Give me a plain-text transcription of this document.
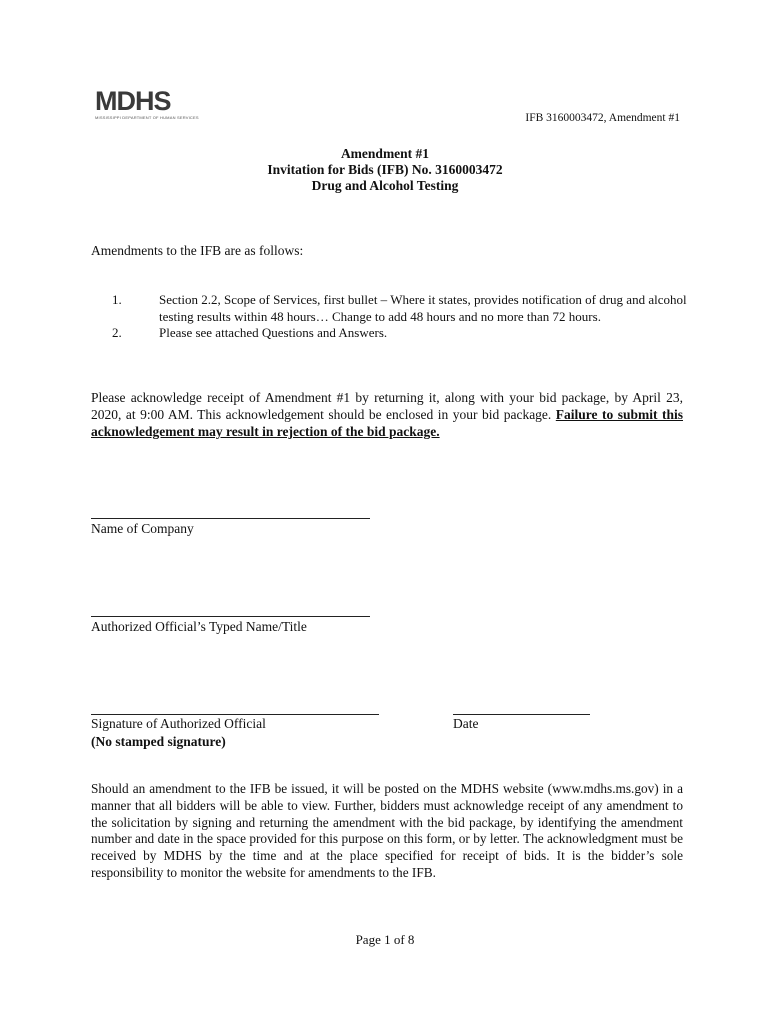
MDHS
MISSISSIPPI DEPARTMENT OF HUMAN SERVICES	IFB 3160003472, Amendment #1
Amendment #1
Invitation for Bids (IFB) No. 3160003472
Drug and Alcohol Testing
Amendments to the IFB are as follows:
1.	Section 2.2, Scope of Services, first bullet – Where it states, provides notification of drug and alcohol testing results within 48 hours… Change to add 48 hours and no more than 72 hours.
2.	Please see attached Questions and Answers.
Please acknowledge receipt of Amendment #1 by returning it, along with your bid package, by April 23, 2020, at 9:00 AM. This acknowledgement should be enclosed in your bid package. Failure to submit this acknowledgement may result in rejection of the bid package.
Name of Company
Authorized Official’s Typed Name/Title
Signature of Authorized Official
(No stamped signature)
Date
Should an amendment to the IFB be issued, it will be posted on the MDHS website (www.mdhs.ms.gov) in a manner that all bidders will be able to view. Further, bidders must acknowledge receipt of any amendment to the solicitation by signing and returning the amendment with the bid package, by identifying the amendment number and date in the space provided for this purpose on this form, or by letter. The acknowledgment must be received by MDHS by the time and at the place specified for receipt of bids. It is the bidder’s sole responsibility to monitor the website for amendments to the IFB.
Page 1 of 8
